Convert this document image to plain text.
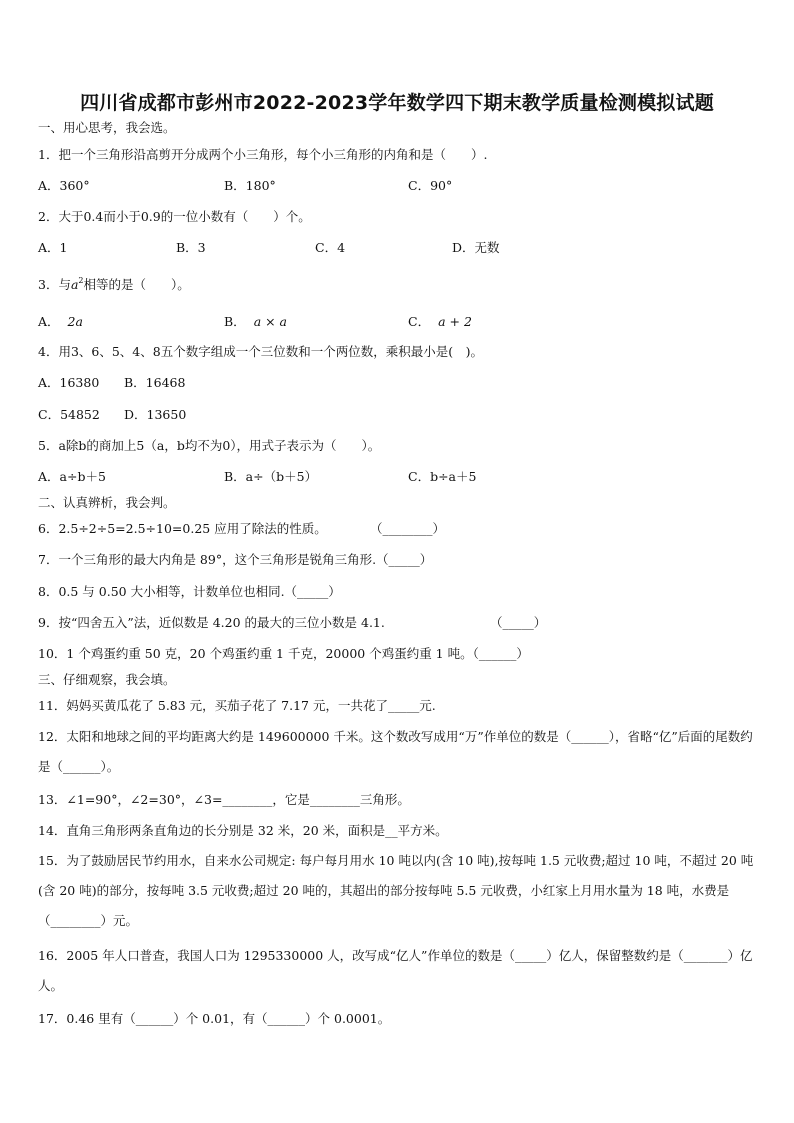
四川省成都市彭州市2022-2023学年数学四下期末教学质量检测模拟试题
一、用心思考，我会选。
1．把一个三角形沿高剪开分成两个小三角形，每个小三角形的内角和是（　　）.
A．360°	B．180°	C．90°
2．大于0.4而小于0.9的一位小数有（　　）个。
A．1	B．3	C．4	D．无数
3．与$a^2$相等的是（　　）。
A． 2a	B． a × a	C． a + 2
4．用3、6、5、4、8五个数字组成一个三位数和一个两位数，乘积最小是(　)。
A．16380 B．16468
C．54852 D．13650
5．a除b的商加上5（a，b均不为0），用式子表示为（　　）。
A．a÷b＋5	B．a÷（b＋5）	C．b÷a＋5
二、认真辨析，我会判。
6．2.5÷2÷5=2.5÷10=0.25 应用了除法的性质。	（________）
7．一个三角形的最大内角是 89°，这个三角形是锐角三角形.（_____）
8．0.5 与 0.50 大小相等，计数单位也相同.（_____）
9．按“四舍五入”法，近似数是 4.20 的最大的三位小数是 4.1.	（_____）
10．1 个鸡蛋约重 50 克，20 个鸡蛋约重 1 千克，20000 个鸡蛋约重 1 吨。（______）
三、仔细观察，我会填。
11．妈妈买黄瓜花了 5.83 元，买茄子花了 7.17 元，一共花了_____元.
12．太阳和地球之间的平均距离大约是 149600000 千米。这个数改写成用“万”作单位的数是（______），省略“亿”后面的尾数约是（______）。
13．∠1=90°，∠2=30°，∠3=________，它是________三角形。
14．直角三角形两条直角边的长分别是 32 米，20 米，面积是__平方米。
15．为了鼓励居民节约用水，自来水公司规定: 每户每月用水 10 吨以内(含 10 吨),按每吨 1.5 元收费;超过 10 吨，不超过 20 吨(含 20 吨)的部分，按每吨 3.5 元收费;超过 20 吨的，其超出的部分按每吨 5.5 元收费，小红家上月用水量为 18 吨，水费是（________）元。
16．2005 年人口普查，我国人口为 1295330000 人，改写成“亿人”作单位的数是（_____）亿人，保留整数约是（_______）亿人。
17．0.46 里有（______）个 0.01，有（______）个 0.0001。
